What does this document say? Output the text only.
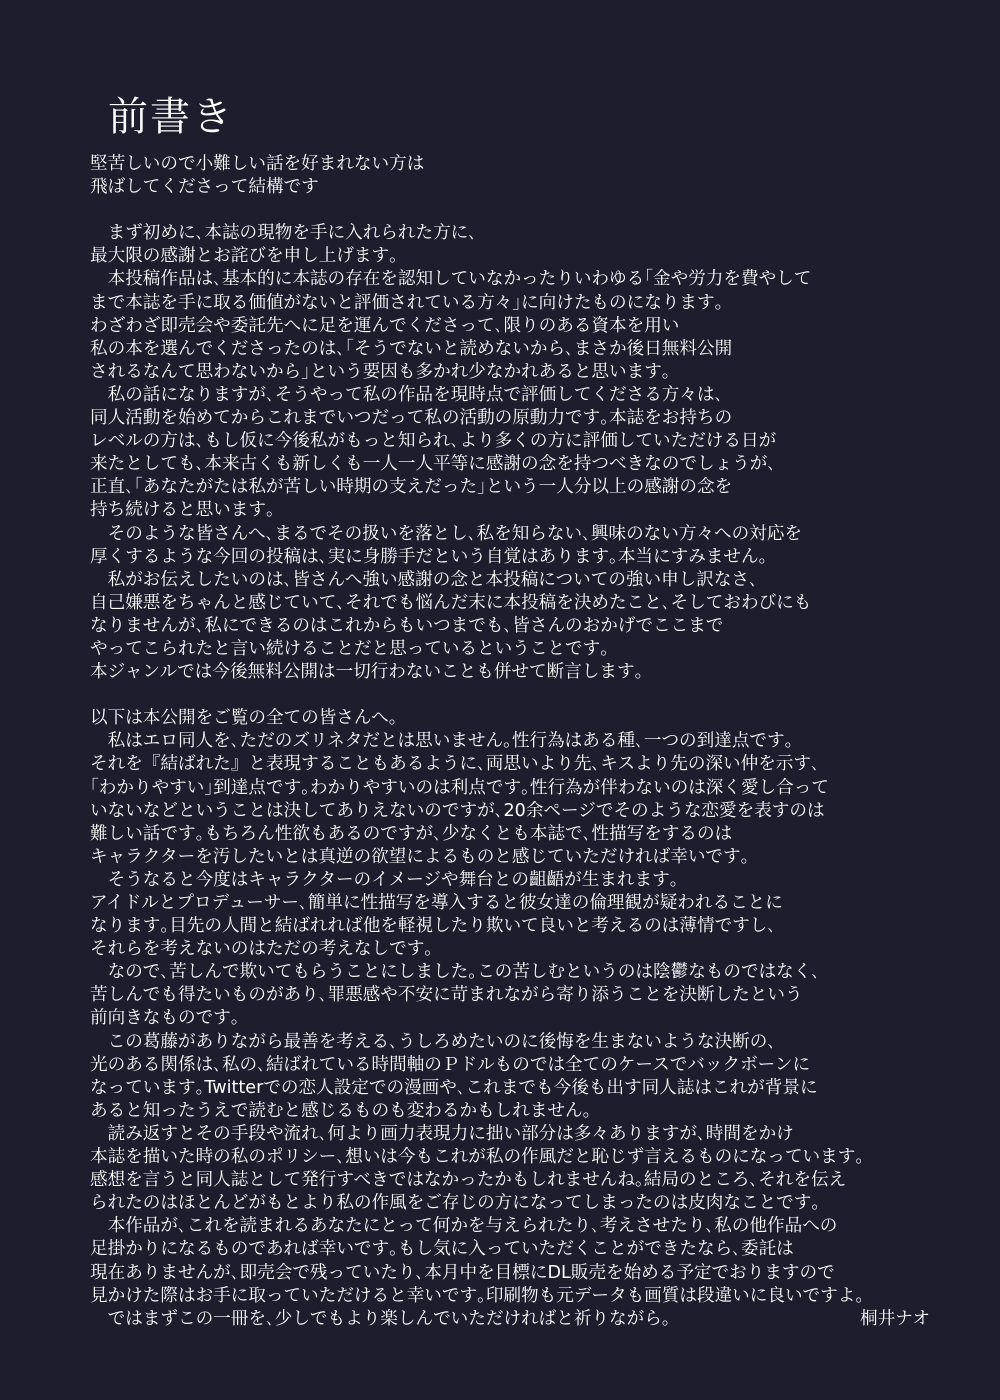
前書き
堅苦しいので小難しい話を好まれない方は
飛ばしてくださって結構です
　まず初めに､本誌の現物を手に入れられた方に､
最大限の感謝とお詫びを申し上げます｡
　本投稿作品は､基本的に本誌の存在を認知していなかったりいわゆる｢金や労力を費やして
まで本誌を手に取る価値がないと評価されている方々｣に向けたものになります｡
わざわざ即売会や委託先へに足を運んでくださって､限りのある資本を用い
私の本を選んでくださったのは､｢そうでないと読めないから､まさか後日無料公開
されるなんて思わないから｣という要因も多かれ少なかれあると思います｡
　私の話になりますが､そうやって私の作品を現時点で評価してくださる方々は､
同人活動を始めてからこれまでいつだって私の活動の原動力です｡本誌をお持ちの
レベルの方は､もし仮に今後私がもっと知られ､より多くの方に評価していただける日が
来たとしても､本来古くも新しくも一人一人平等に感謝の念を持つべきなのでしょうが､
正直､｢あなたがたは私が苦しい時期の支えだった｣という一人分以上の感謝の念を
持ち続けると思います｡
　そのような皆さんへ､まるでその扱いを落とし､私を知らない､興味のない方々への対応を
厚くするような今回の投稿は､実に身勝手だという自覚はあります｡本当にすみません｡
　私がお伝えしたいのは､皆さんへ強い感謝の念と本投稿についての強い申し訳なさ､
自己嫌悪をちゃんと感じていて､それでも悩んだ末に本投稿を決めたこと､そしておわびにも
なりませんが､私にできるのはこれからもいつまでも､皆さんのおかげでここまで
やってこられたと言い続けることだと思っているということです｡
本ジャンルでは今後無料公開は一切行わないことも併せて断言します｡
以下は本公開をご覧の全ての皆さんへ｡
　私はエロ同人を､ただのズリネタだとは思いません｡性行為はある種､一つの到達点です｡
それを『結ばれた』と表現することもあるように､両思いより先､キスより先の深い仲を示す､
｢わかりやすい｣到達点です｡わかりやすいのは利点です｡性行為が伴わないのは深く愛し合って
いないなどということは決してありえないのですが､20余ページでそのような恋愛を表すのは
難しい話です｡もちろん性欲もあるのですが､少なくとも本誌で､性描写をするのは
キャラクターを汚したいとは真逆の欲望によるものと感じていただければ幸いです｡
　そうなると今度はキャラクターのイメージや舞台との齟齬が生まれます｡
アイドルとプロデューサー､簡単に性描写を導入すると彼女達の倫理観が疑われることに
なります｡目先の人間と結ばれれば他を軽視したり欺いて良いと考えるのは薄情ですし､
それらを考えないのはただの考えなしです｡
　なので､苦しんで欺いてもらうことにしました｡この苦しむというのは陰鬱なものではなく､
苦しんでも得たいものがあり､罪悪感や不安に苛まれながら寄り添うことを決断したという
前向きなものです｡
　この葛藤がありながら最善を考える､うしろめたいのに後悔を生まないような決断の､
光のある関係は､私の､結ばれている時間軸のＰドルものでは全てのケースでバックボーンに
なっています｡Twitterでの恋人設定での漫画や､これまでも今後も出す同人誌はこれが背景に
あると知ったうえで読むと感じるものも変わるかもしれません｡
　読み返すとその手段や流れ､何より画力表現力に拙い部分は多々ありますが､時間をかけ
本誌を描いた時の私のポリシー､想いは今もこれが私の作風だと恥じず言えるものになっています｡
感想を言うと同人誌として発行すべきではなかったかもしれませんね｡結局のところ､それを伝え
られたのはほとんどがもとより私の作風をご存じの方になってしまったのは皮肉なことです｡
　本作品が､これを読まれるあなたにとって何かを与えられたり､考えさせたり､私の他作品への
足掛かりになるものであれば幸いです｡もし気に入っていただくことができたなら､委託は
現在ありませんが､即売会で残っていたり､本月中を目標にDL販売を始める予定でおりますので
見かけた際はお手に取っていただけると幸いです｡印刷物も元データも画質は段違いに良いですよ｡
　ではまずこの一冊を､少しでもより楽しんでいただければと祈りながら｡	桐井ナオ
